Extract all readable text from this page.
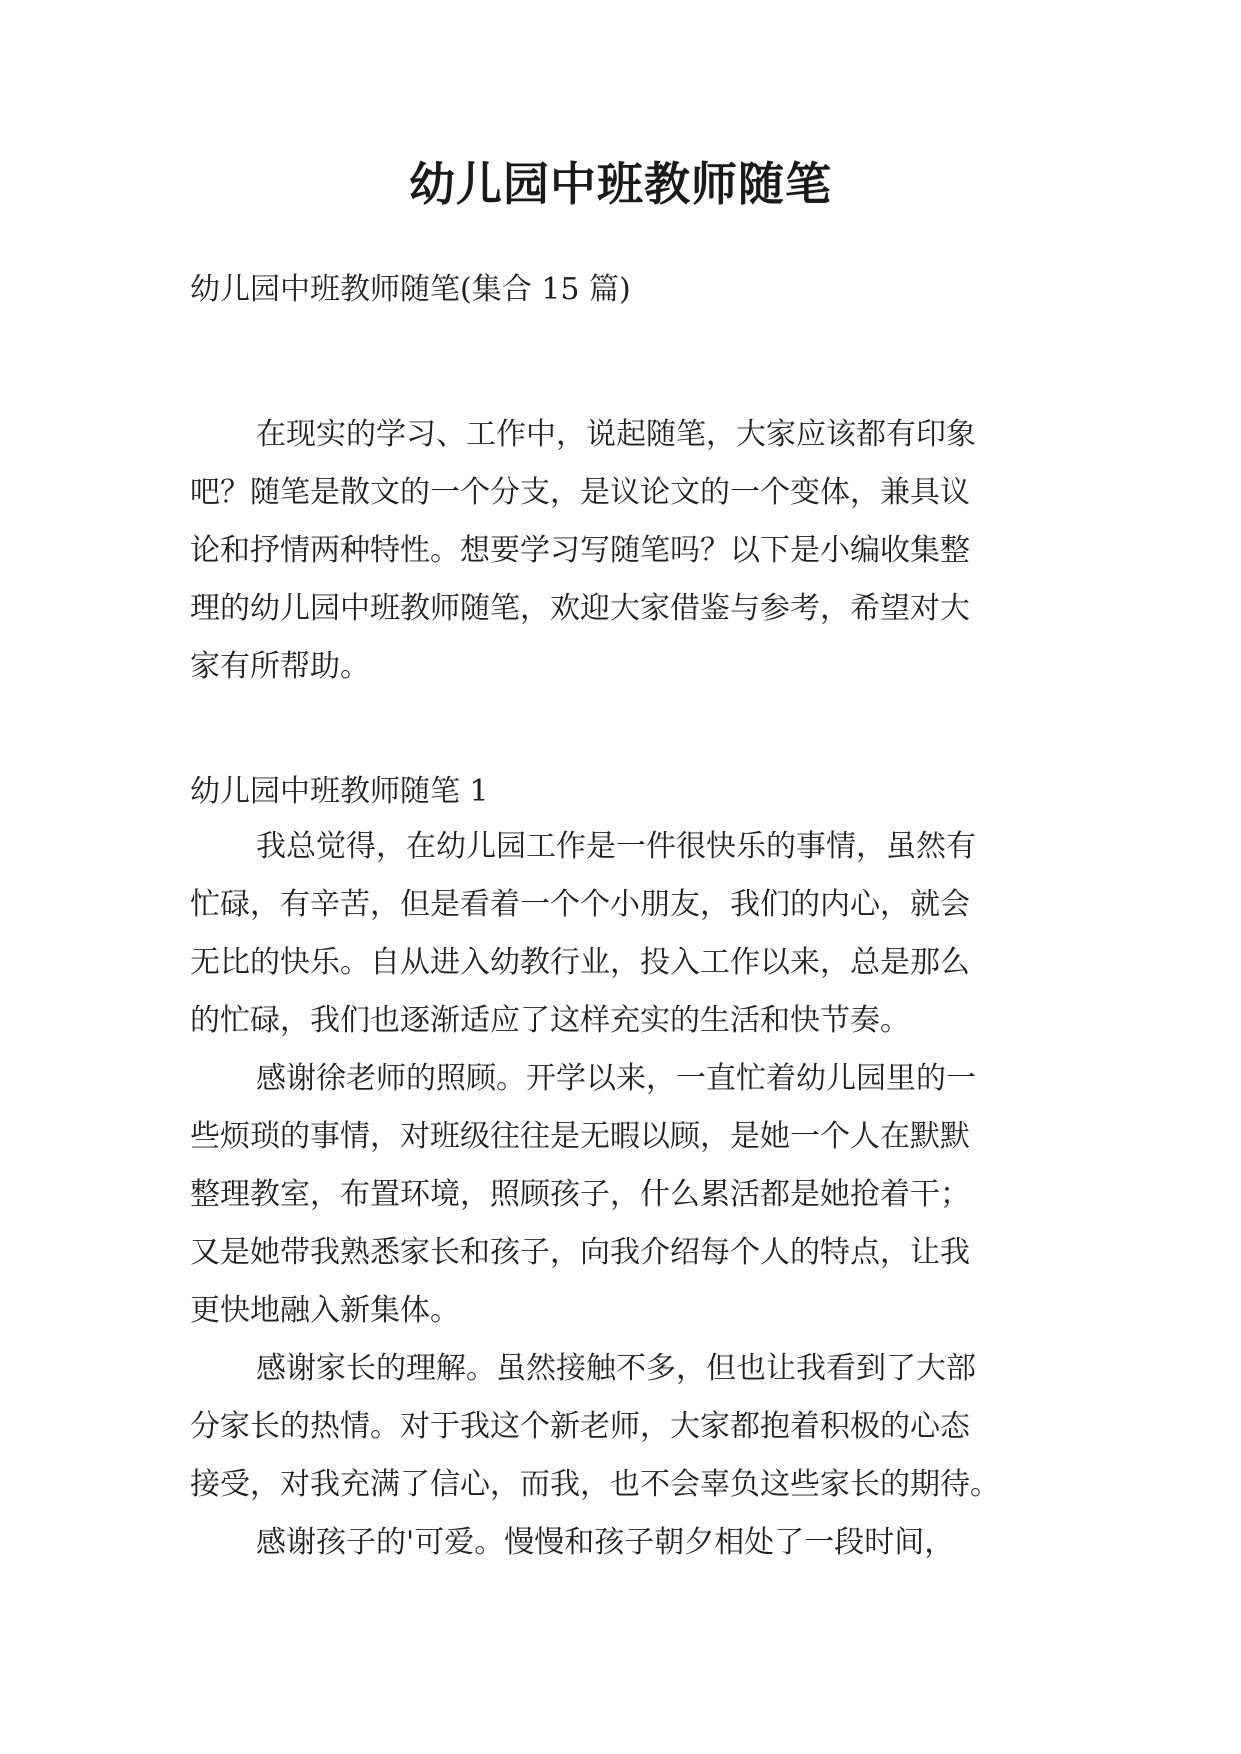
幼儿园中班教师随笔

幼儿园中班教师随笔(集合 15 篇)

在现实的学习、工作中，说起随笔，大家应该都有印象
吧？随笔是散文的一个分支，是议论文的一个变体，兼具议
论和抒情两种特性。想要学习写随笔吗？以下是小编收集整
理的幼儿园中班教师随笔，欢迎大家借鉴与参考，希望对大
家有所帮助。

幼儿园中班教师随笔 1

我总觉得，在幼儿园工作是一件很快乐的事情，虽然有
忙碌，有辛苦，但是看着一个个小朋友，我们的内心，就会
无比的快乐。自从进入幼教行业，投入工作以来，总是那么
的忙碌，我们也逐渐适应了这样充实的生活和快节奏。

感谢徐老师的照顾。开学以来，一直忙着幼儿园里的一
些烦琐的事情，对班级往往是无暇以顾，是她一个人在默默
整理教室，布置环境，照顾孩子，什么累活都是她抢着干；
又是她带我熟悉家长和孩子，向我介绍每个人的特点，让我
更快地融入新集体。

感谢家长的理解。虽然接触不多，但也让我看到了大部
分家长的热情。对于我这个新老师，大家都抱着积极的心态
接受，对我充满了信心，而我，也不会辜负这些家长的期待。

感谢孩子的'可爱。慢慢和孩子朝夕相处了一段时间，
